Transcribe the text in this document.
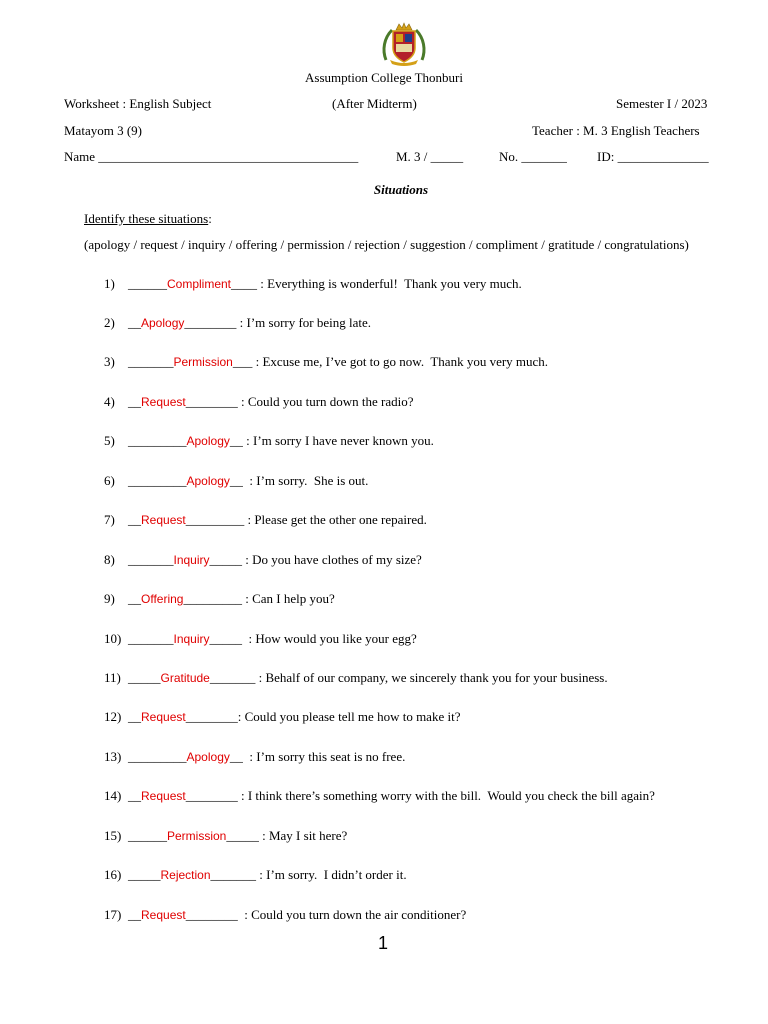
Assumption College Thonburi
Worksheet : English Subject	(After Midterm)	Semester I / 2023
Matayom 3 (9)	Teacher : M. 3 English Teachers
Name ________________________________________	M. 3 / _____	No. _______ ID: ______________
Situations
Identify these situations:
(apology / request / inquiry / offering / permission / rejection / suggestion / compliment / gratitude / congratulations)
1) ______Compliment____ : Everything is wonderful!  Thank you very much.
2) __Apology________ : I’m sorry for being late.
3) _______Permission___ : Excuse me, I’ve got to go now.  Thank you very much.
4) __Request________ : Could you turn down the radio?
5) _________Apology__ : I’m sorry I have never known you.
6) _________Apology__  : I’m sorry.  She is out.
7) __Request_________ : Please get the other one repaired.
8) _______Inquiry_____ : Do you have clothes of my size?
9) __Offering_________ : Can I help you?
10) _______Inquiry_____  : How would you like your egg?
11) _____Gratitude_______ : Behalf of our company, we sincerely thank you for your business.
12) __Request________: Could you please tell me how to make it?
13) _________Apology__  : I’m sorry this seat is no free.
14) __Request________ : I think there’s something worry with the bill.  Would you check the bill again?
15) ______Permission_____ : May I sit here?
16) _____Rejection_______ : I’m sorry.  I didn’t order it.
17) __Request________  : Could you turn down the air conditioner?
1
